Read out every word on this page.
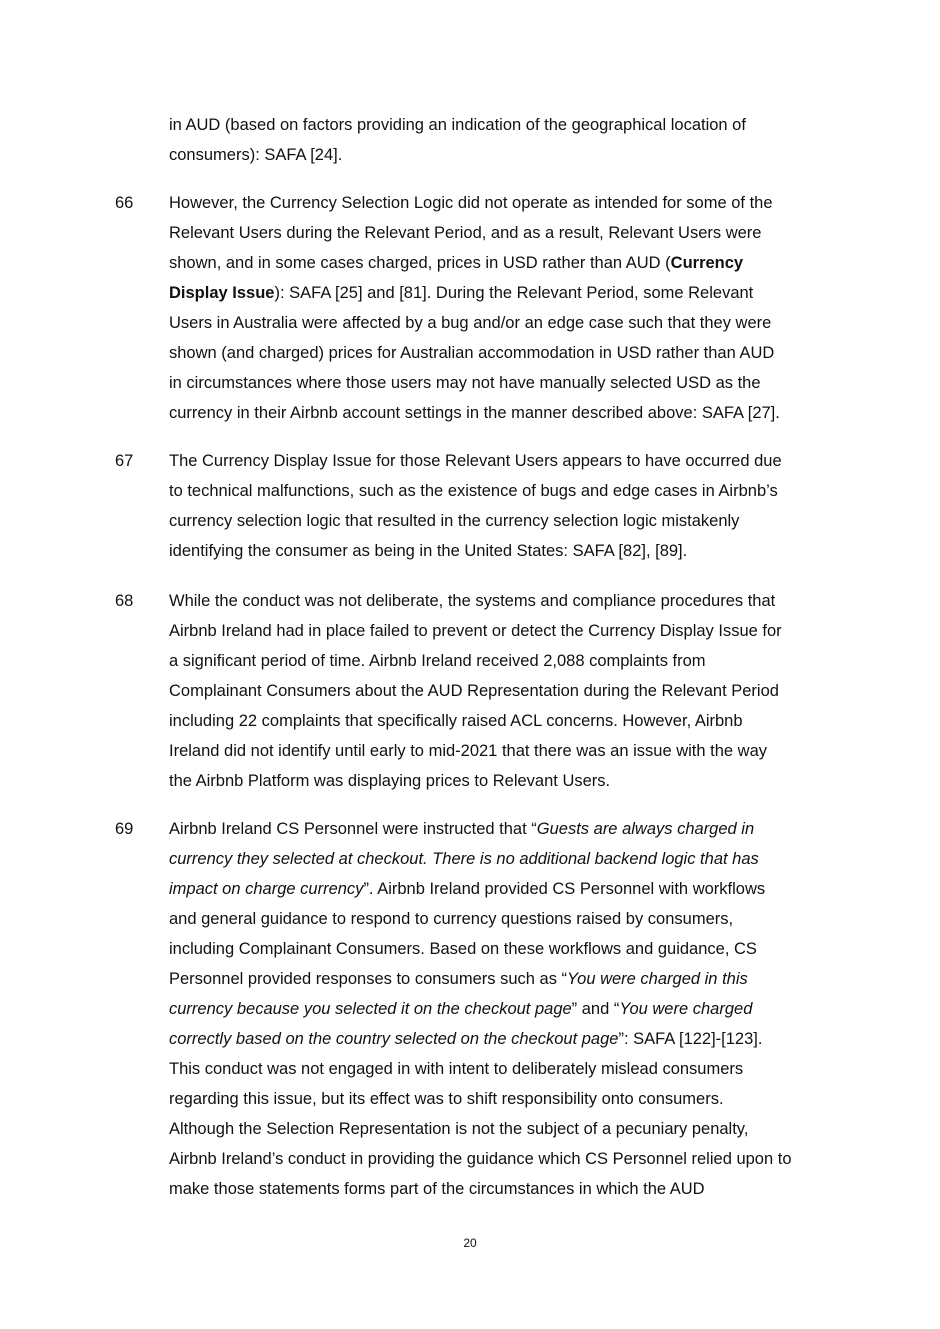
in AUD (based on factors providing an indication of the geographical location of
consumers): SAFA [24].
66	However, the Currency Selection Logic did not operate as intended for some of the
Relevant Users during the Relevant Period, and as a result, Relevant Users were
shown, and in some cases charged, prices in USD rather than AUD (Currency
Display Issue): SAFA [25] and [81]. During the Relevant Period, some Relevant
Users in Australia were affected by a bug and/or an edge case such that they were
shown (and charged) prices for Australian accommodation in USD rather than AUD
in circumstances where those users may not have manually selected USD as the
currency in their Airbnb account settings in the manner described above: SAFA [27].
67	The Currency Display Issue for those Relevant Users appears to have occurred due
to technical malfunctions, such as the existence of bugs and edge cases in Airbnb’s
currency selection logic that resulted in the currency selection logic mistakenly
identifying the consumer as being in the United States: SAFA [82], [89].
68	While the conduct was not deliberate, the systems and compliance procedures that
Airbnb Ireland had in place failed to prevent or detect the Currency Display Issue for
a significant period of time. Airbnb Ireland received 2,088 complaints from
Complainant Consumers about the AUD Representation during the Relevant Period
including 22 complaints that specifically raised ACL concerns. However, Airbnb
Ireland did not identify until early to mid-2021 that there was an issue with the way
the Airbnb Platform was displaying prices to Relevant Users.
69	Airbnb Ireland CS Personnel were instructed that “Guests are always charged in
currency they selected at checkout. There is no additional backend logic that has
impact on charge currency”. Airbnb Ireland provided CS Personnel with workflows
and general guidance to respond to currency questions raised by consumers,
including Complainant Consumers. Based on these workflows and guidance, CS
Personnel provided responses to consumers such as “You were charged in this
currency because you selected it on the checkout page” and “You were charged
correctly based on the country selected on the checkout page”: SAFA [122]-[123].
This conduct was not engaged in with intent to deliberately mislead consumers
regarding this issue, but its effect was to shift responsibility onto consumers.
Although the Selection Representation is not the subject of a pecuniary penalty,
Airbnb Ireland’s conduct in providing the guidance which CS Personnel relied upon to
make those statements forms part of the circumstances in which the AUD
20
